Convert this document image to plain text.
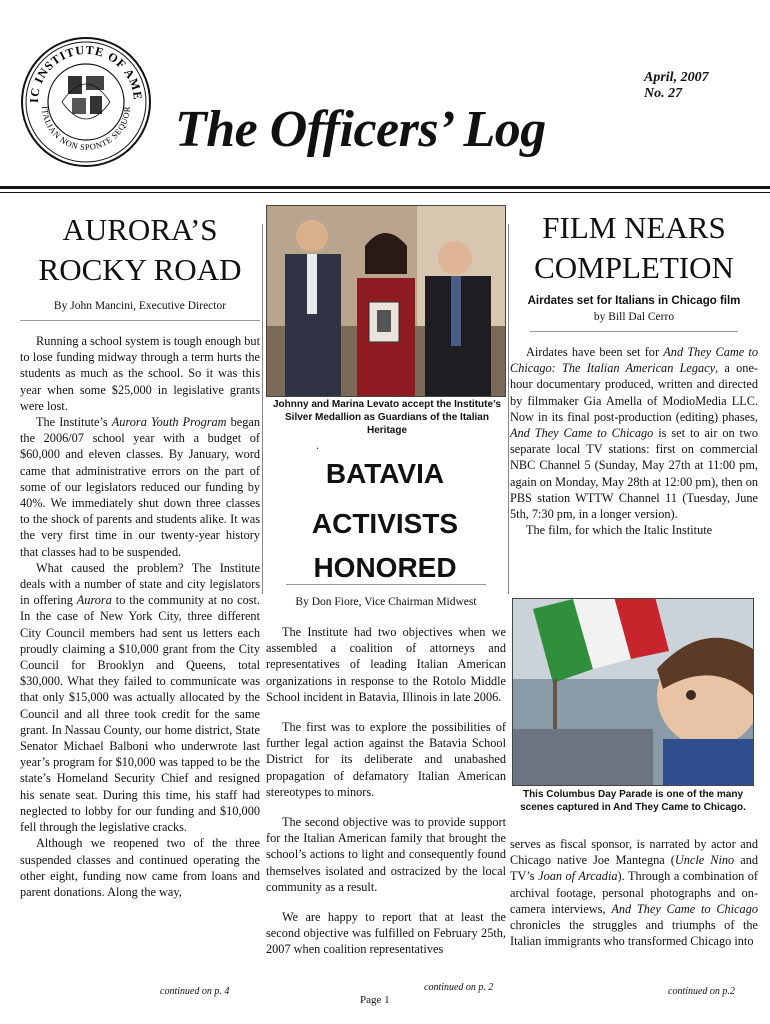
IC INSTITUTE OF AME
ITALIAN NON SPONTE SEQUOR
April, 2007
No. 27
The Officers’ Log
AURORA’S
ROCKY ROAD
By John Mancini, Executive Director

Running a school system is tough enough but to lose funding midway through a term hurts the students as much as the school. So it was this year when some $25,000 in legislative grants were lost.

The Institute’s Aurora Youth Program began the 2006/07 school year with a budget of $60,000 and eleven classes. By January, word came that administrative errors on the part of some of our legislators reduced our funding by 40%. We immediately shut down three classes to the shock of parents and students alike. It was the very first time in our twenty-year history that classes had to be suspended.

What caused the problem? The Institute deals with a number of state and city legislators in offering Aurora to the community at no cost. In the case of New York City, three different City Council members had sent us letters each proudly claiming a $10,000 grant from the City Council for Brooklyn and Queens, total $30,000. What they failed to communicate was that only $15,000 was actually allocated by the Council and all three took credit for the same grant. In Nassau County, our home district, State Senator Michael Balboni who underwrote last year’s program for $10,000 was tapped to be the state’s Homeland Security Chief and resigned his senate seat. During this time, his staff had neglected to lobby for our funding and $10,000 fell through the legislative cracks.

Although we reopened two of the three suspended classes and continued operating the other eight, funding now came from loans and parent donations. Along the way,

continued on p. 4
Johnny and Marina Levato accept the Institute’s Silver Medallion as Guardians of the Italian Heritage
.
BATAVIA
ACTIVISTS
HONORED
By Don Fiore, Vice Chairman Midwest

The Institute had two objectives when we assembled a coalition of attorneys and representatives of leading Italian American organizations in response to the Rotolo Middle School incident in Batavia, Illinois in late 2006.

The first was to explore the possibilities of further legal action against the Batavia School District for its deliberate and unabashed propagation of defamatory Italian American stereotypes to minors.

The second objective was to provide support for the Italian American family that brought the school’s actions to light and consequently found themselves isolated and ostracized by the local community as a result.

We are happy to report that at least the second objective was fulfilled on February 25th, 2007 when coalition representatives

continued on p. 2
Page 1
FILM NEARS
COMPLETION
Airdates set for Italians in Chicago film
by Bill Dal Cerro

Airdates have been set for And They Came to Chicago: The Italian American Legacy, a one-hour documentary produced, written and directed by filmmaker Gia Amella of ModioMedia LLC. Now in its final post-production (editing) phases, And They Came to Chicago is set to air on two separate local TV stations: first on commercial NBC Channel 5 (Sunday, May 27th at 11:00 pm, again on Monday, May 28th at 12:00 pm), then on PBS station WTTW Channel 11 (Tuesday, June 5th, 7:30 pm, in a longer version).

The film, for which the Italic Institute

This Columbus Day Parade is one of the many scenes captured in And They Came to Chicago.

serves as fiscal sponsor, is narrated by actor and Chicago native Joe Mantegna (Uncle Nino and TV’s Joan of Arcadia). Through a combination of archival footage, personal photographs and on-camera interviews, And They Came to Chicago chronicles the struggles and triumphs of the Italian immigrants who transformed Chicago into

continued on p.2
